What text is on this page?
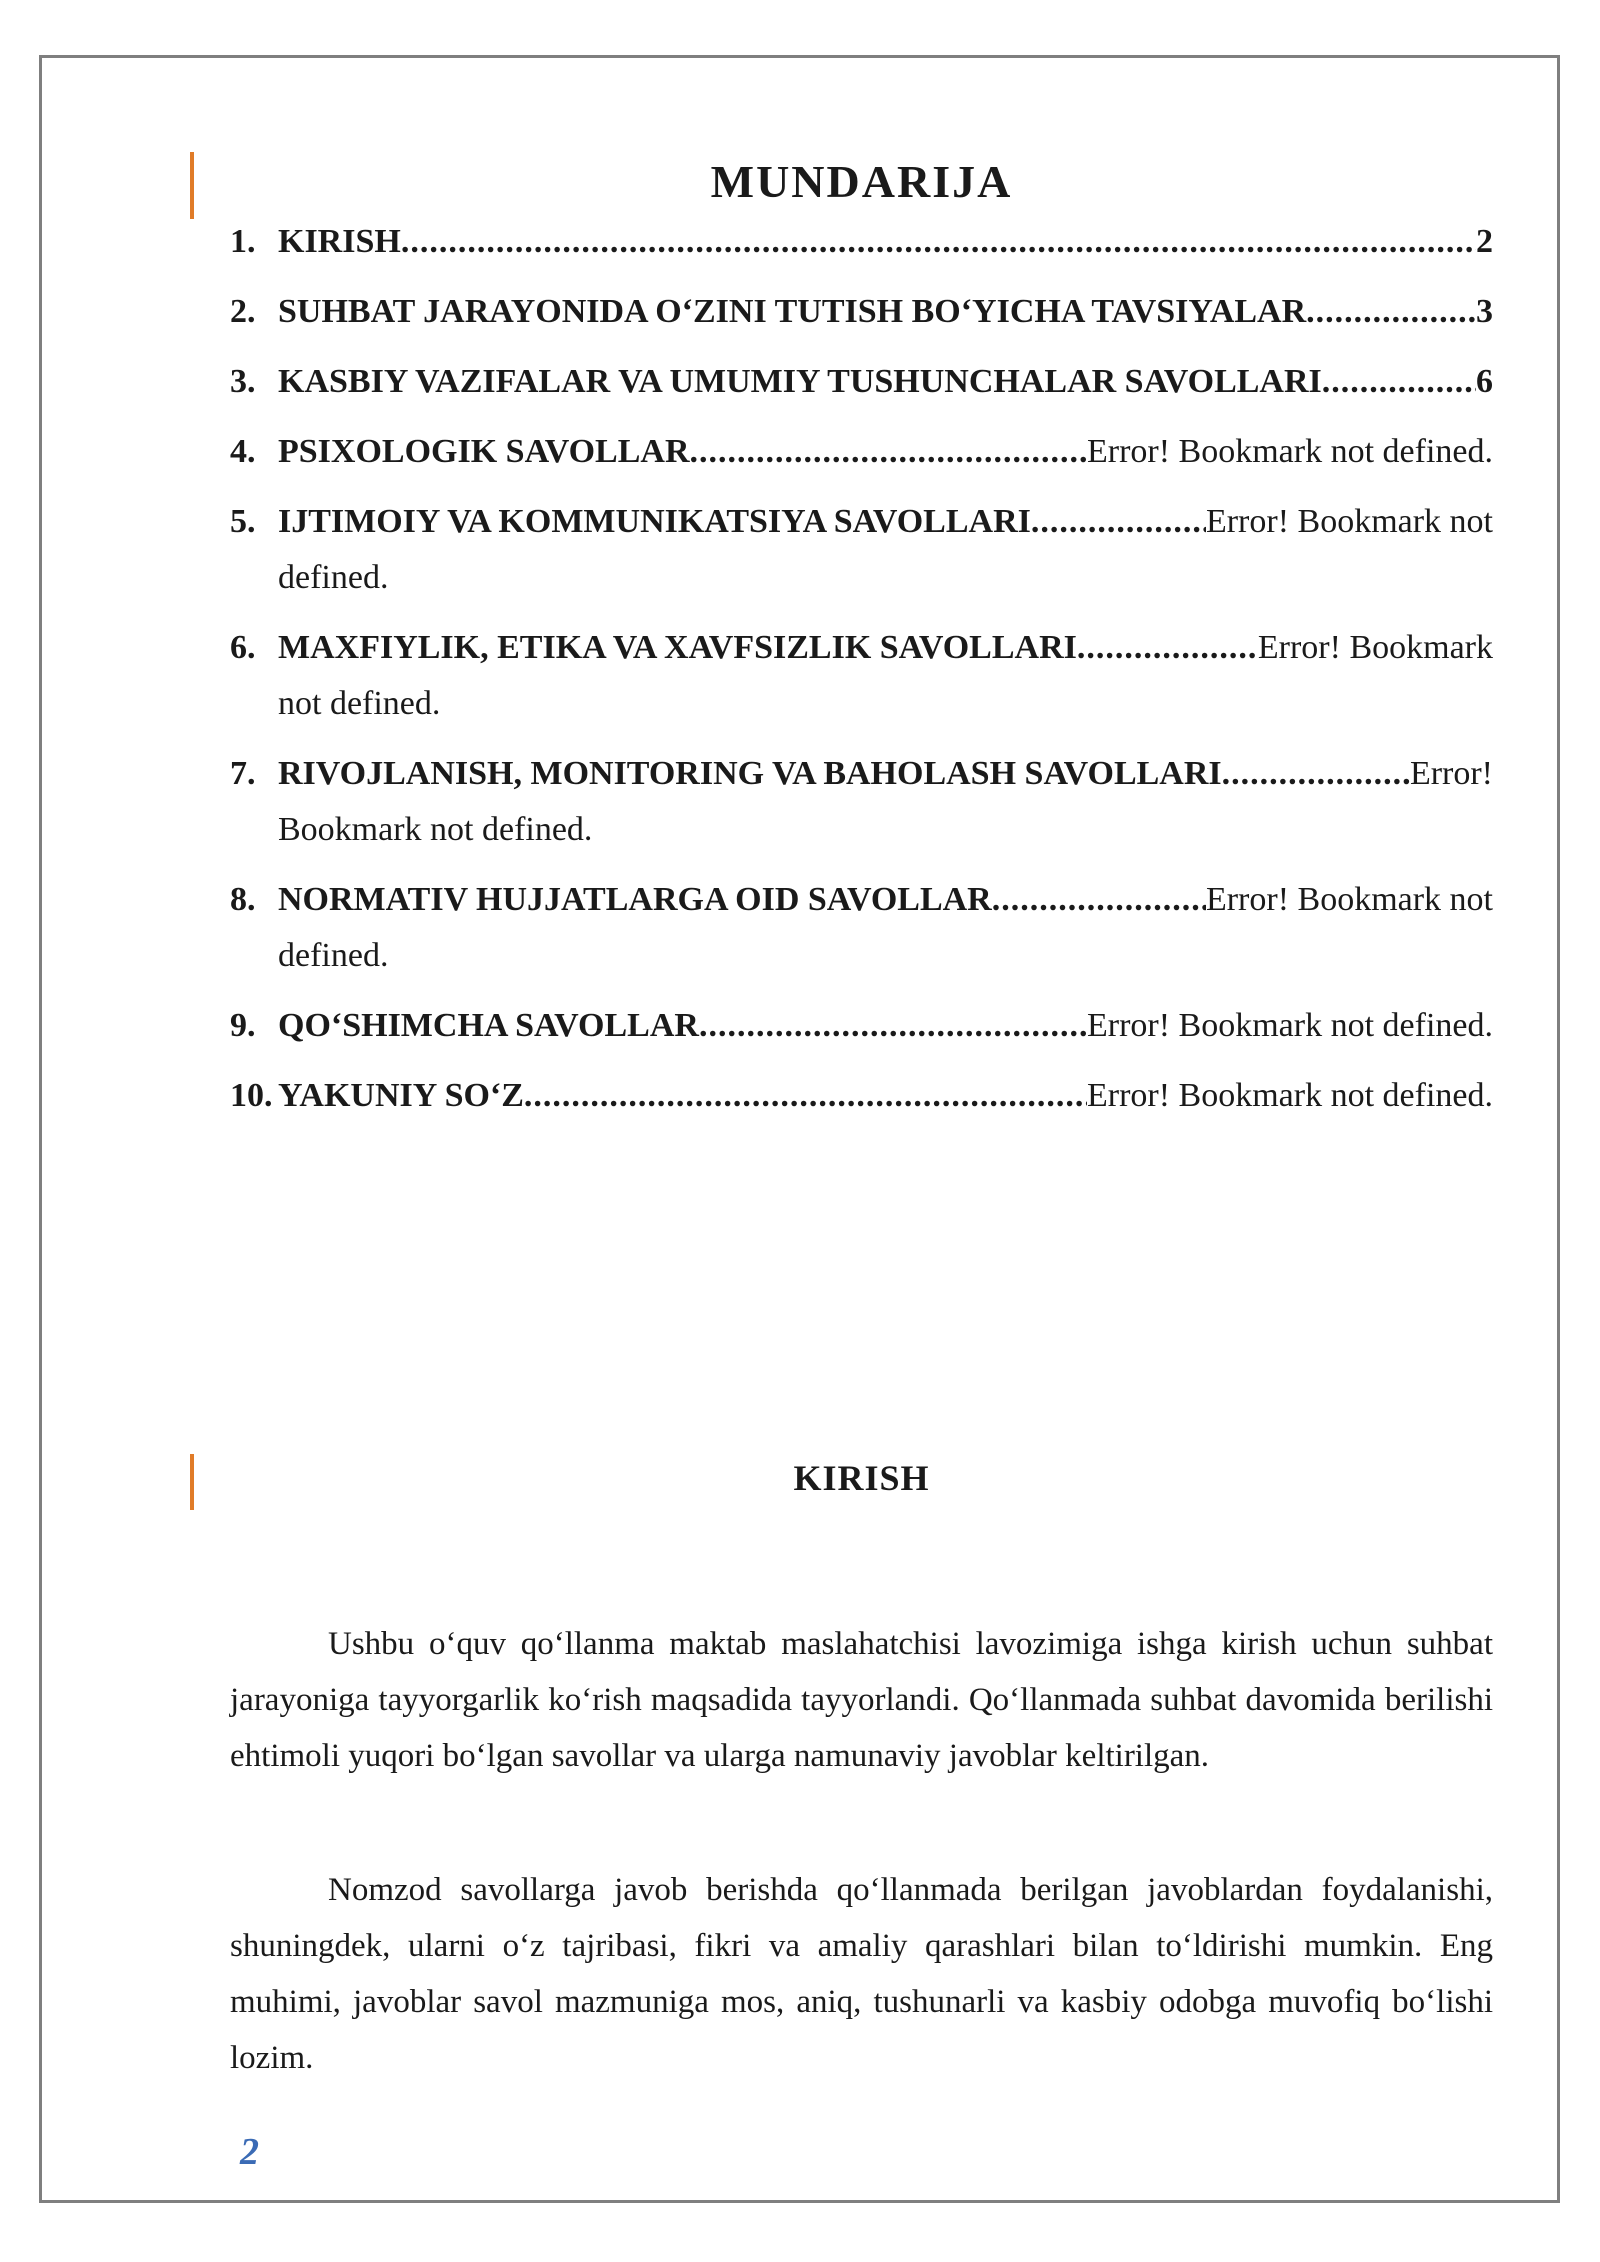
MUNDARIJA
1. KIRISH .....	2
2. SUHBAT JARAYONIDA O‘ZINI TUTISH BO‘YICHA TAVSIYALAR .....	3
3. KASBIY VAZIFALAR VA UMUMIY TUSHUNCHALAR SAVOLLARI .....	6
4. PSIXOLOGIK SAVOLLAR .....	Error! Bookmark not defined.
5. IJTIMOIY VA KOMMUNIKATSIYA SAVOLLARI .....	Error! Bookmark not
defined.
6. MAXFIYLIK, ETIKA VA XAVFSIZLIK SAVOLLARI .....	Error! Bookmark
not defined.
7. RIVOJLANISH, MONITORING VA BAHOLASH SAVOLLARI .....	Error!
Bookmark not defined.
8. NORMATIV HUJJATLARGA OID SAVOLLAR .....	Error! Bookmark not
defined.
9. QO‘SHIMCHA SAVOLLAR .....	Error! Bookmark not defined.
10. YAKUNIY SO‘Z .....	Error! Bookmark not defined.
KIRISH

Ushbu o‘quv qo‘llanma maktab maslahatchisi lavozimiga ishga kirish uchun suhbat jarayoniga tayyorgarlik ko‘rish maqsadida tayyorlandi. Qo‘llanmada suhbat davomida berilishi ehtimoli yuqori bo‘lgan savollar va ularga namunaviy javoblar keltirilgan.

Nomzod savollarga javob berishda qo‘llanmada berilgan javoblardan foydalanishi, shuningdek, ularni o‘z tajribasi, fikri va amaliy qarashlari bilan to‘ldirishi mumkin. Eng muhimi, javoblar savol mazmuniga mos, aniq, tushunarli va kasbiy odobga muvofiq bo‘lishi lozim.

2
